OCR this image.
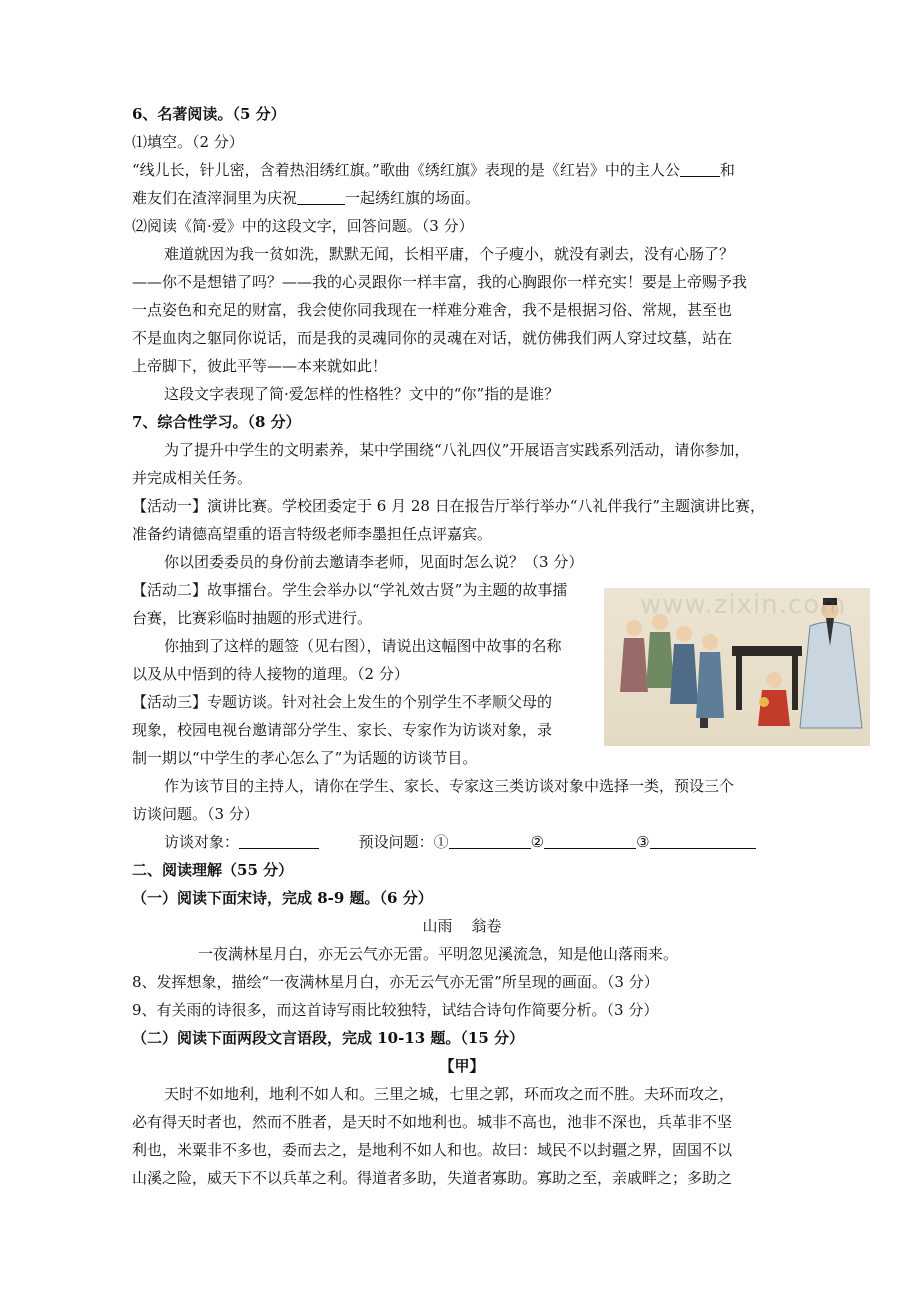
6、名著阅读。（5 分）
⑴填空。（2 分）
“线儿长，针儿密，含着热泪绣红旗。”歌曲《绣红旗》表现的是《红岩》中的主人公	和
难友们在渣滓洞里为庆祝	一起绣红旗的场面。
⑵阅读《简·爱》中的这段文字，回答问题。（3 分）
难道就因为我一贫如洗，默默无闻，长相平庸，个子瘦小，就没有剥去，没有心肠了？
——你不是想错了吗？——我的心灵跟你一样丰富，我的心胸跟你一样充实！要是上帝赐予我
一点姿色和充足的财富，我会使你同我现在一样难分难舍，我不是根据习俗、常规，甚至也
不是血肉之躯同你说话，而是我的灵魂同你的灵魂在对话，就仿佛我们两人穿过坟墓，站在
上帝脚下，彼此平等——本来就如此！
这段文字表现了简·爱怎样的性格牲？文中的“你”指的是谁？
7、综合性学习。（8 分）
为了提升中学生的文明素养，某中学围绕“八礼四仪”开展语言实践系列活动，请你参加，
并完成相关任务。
【活动一】演讲比赛。学校团委定于 6 月 28 日在报告厅举行举办“八礼伴我行”主题演讲比赛，
准备约请德高望重的语言特级老师李墨担任点评嘉宾。
你以团委委员的身份前去邀请李老师，见面时怎么说？（3 分）
【活动二】故事擂台。学生会举办以“学礼效古贤”为主题的故事擂
台赛，比赛彩临时抽题的形式进行。
你抽到了这样的题签（见右图），请说出这幅图中故事的名称
以及从中悟到的待人接物的道理。（2 分）
【活动三】专题访谈。针对社会上发生的个别学生不孝顺父母的
现象，校园电视台邀请部分学生、家长、专家作为访谈对象，录
制一期以“中学生的孝心怎么了”为话题的访谈节目。
作为该节目的主持人，请你在学生、家长、专家这三类访谈对象中选择一类，预设三个
访谈问题。（3 分）
访谈对象：	预设问题：①	②	③
二、阅读理解（55 分）
（一）阅读下面宋诗，完成 8-9 题。（6 分）
山雨    翁卷
一夜满林星月白，亦无云气亦无雷。平明忽见溪流急，知是他山落雨来。
8、发挥想象，描绘“一夜满林星月白，亦无云气亦无雷”所呈现的画面。（3 分）
9、有关雨的诗很多，而这首诗写雨比较独特，试结合诗句作简要分析。（3 分）
（二）阅读下面两段文言语段，完成 10-13 题。（15 分）
【甲】
天时不如地利，地利不如人和。三里之城，七里之郭，环而攻之而不胜。夫环而攻之，
必有得天时者也，然而不胜者，是天时不如地利也。城非不高也，池非不深也，兵革非不坚
利也，米粟非不多也，委而去之，是地利不如人和也。故曰：域民不以封疆之界，固国不以
山溪之险，威天下不以兵革之利。得道者多助，失道者寡助。寡助之至，亲戚畔之；多助之
www.zixin.com
